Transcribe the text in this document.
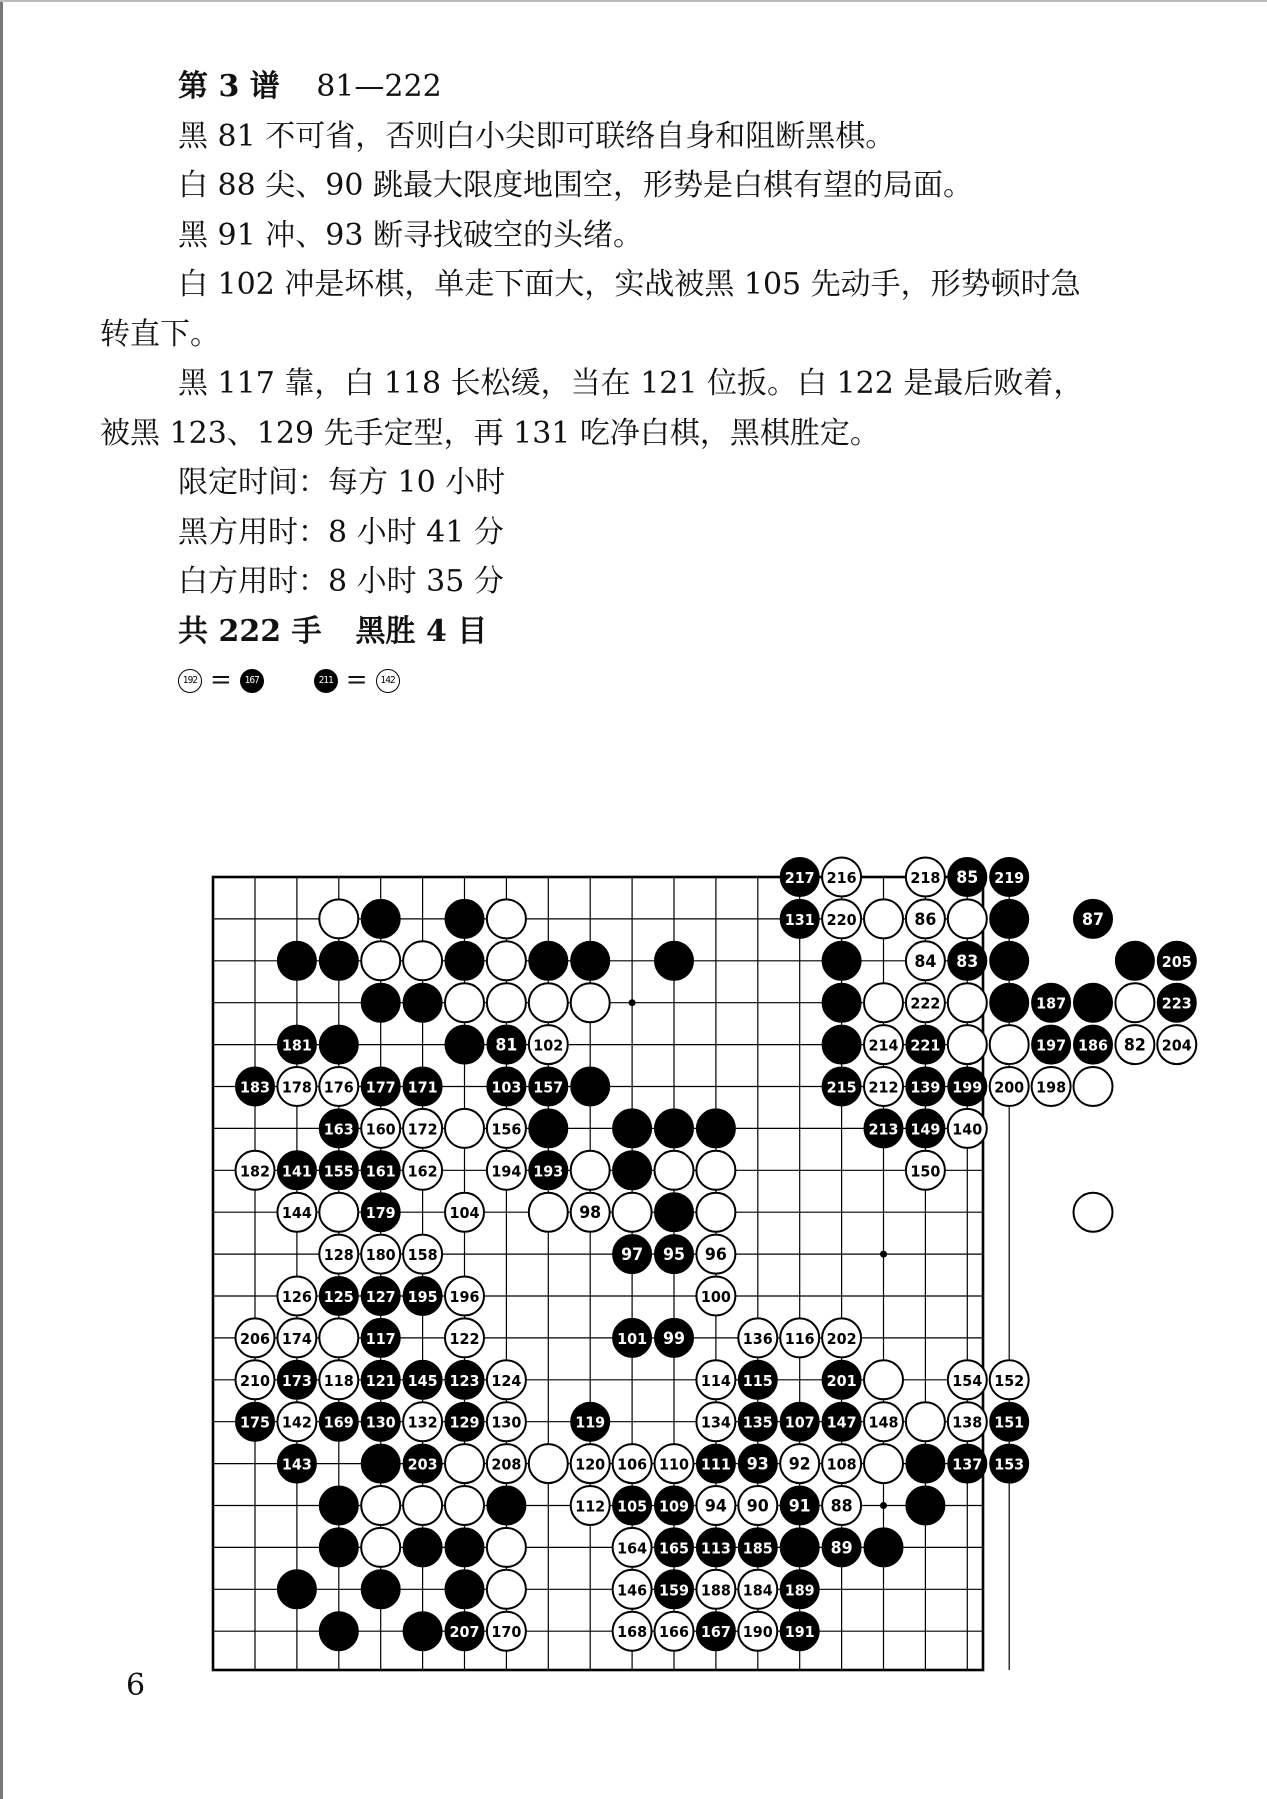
第 3 谱 81—222

黑 81 不可省，否则白小尖即可联络自身和阻断黑棋。

白 88 尖、90 跳最大限度地围空，形势是白棋有望的局面。

黑 91 冲、93 断寻找破空的头绪。

白 102 冲是坏棋，单走下面大，实战被黑 105 先动手，形势顿时急转直下。

黑 117 靠，白 118 长松缓，当在 121 位扳。白 122 是最后败着，被黑 123、129 先手定型，再 131 吃净白棋，黑棋胜定。

限定时间：每方 10 小时

黑方用时：8 小时 41 分

白方用时：8 小时 35 分

共 222 手 黑胜 4 目

192 =	167	211 =	142
217 216	218 85 219
131 220	86	87
84 83	205
222	187	223
181	81 102	214 221	197 186 82 204
183 178 176 177 171	103 157	215 212 139 199 200 198
163 160 172	156	213 149 140
182 141 155 161 162	194 193	150
144	179	104	98
128 180 158	97 95 96
126 125 127 195 196	100
206 174	117	122	101 99	136 116 202
210 173 118 121 145 123 124	114 115	201	154 152
175 142 169 130 132 129 130	119	134 135 107 147 148	138 151
143	203	208	120 106 110 111 93 92 108	137 153
112 105 109 94 90 91 88
164 165 113 185	89
146 159 188 184 189
207 170	168 166 167 190 191
6
